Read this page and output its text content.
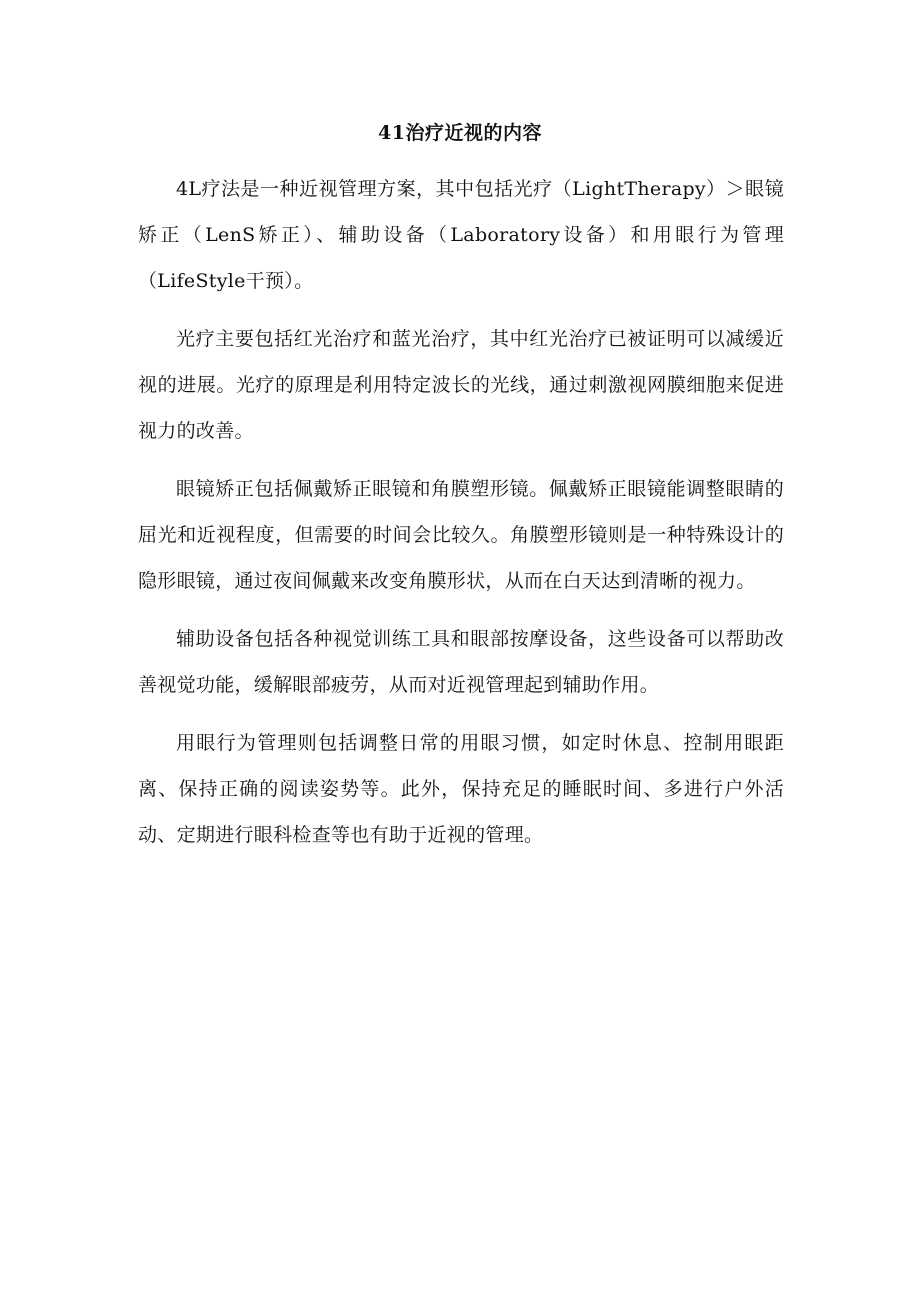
41治疗近视的内容

4L疗法是一种近视管理方案，其中包括光疗（LightTherapy）＞眼镜矫正（LenS矫正）、辅助设备（Laboratory设备）和用眼行为管理（LifeStyle干预）。

光疗主要包括红光治疗和蓝光治疗，其中红光治疗已被证明可以减缓近视的进展。光疗的原理是利用特定波长的光线，通过刺激视网膜细胞来促进视力的改善。

眼镜矫正包括佩戴矫正眼镜和角膜塑形镜。佩戴矫正眼镜能调整眼睛的屈光和近视程度，但需要的时间会比较久。角膜塑形镜则是一种特殊设计的隐形眼镜，通过夜间佩戴来改变角膜形状，从而在白天达到清晰的视力。

辅助设备包括各种视觉训练工具和眼部按摩设备，这些设备可以帮助改善视觉功能，缓解眼部疲劳，从而对近视管理起到辅助作用。

用眼行为管理则包括调整日常的用眼习惯，如定时休息、控制用眼距离、保持正确的阅读姿势等。此外，保持充足的睡眠时间、多进行户外活动、定期进行眼科检查等也有助于近视的管理。
